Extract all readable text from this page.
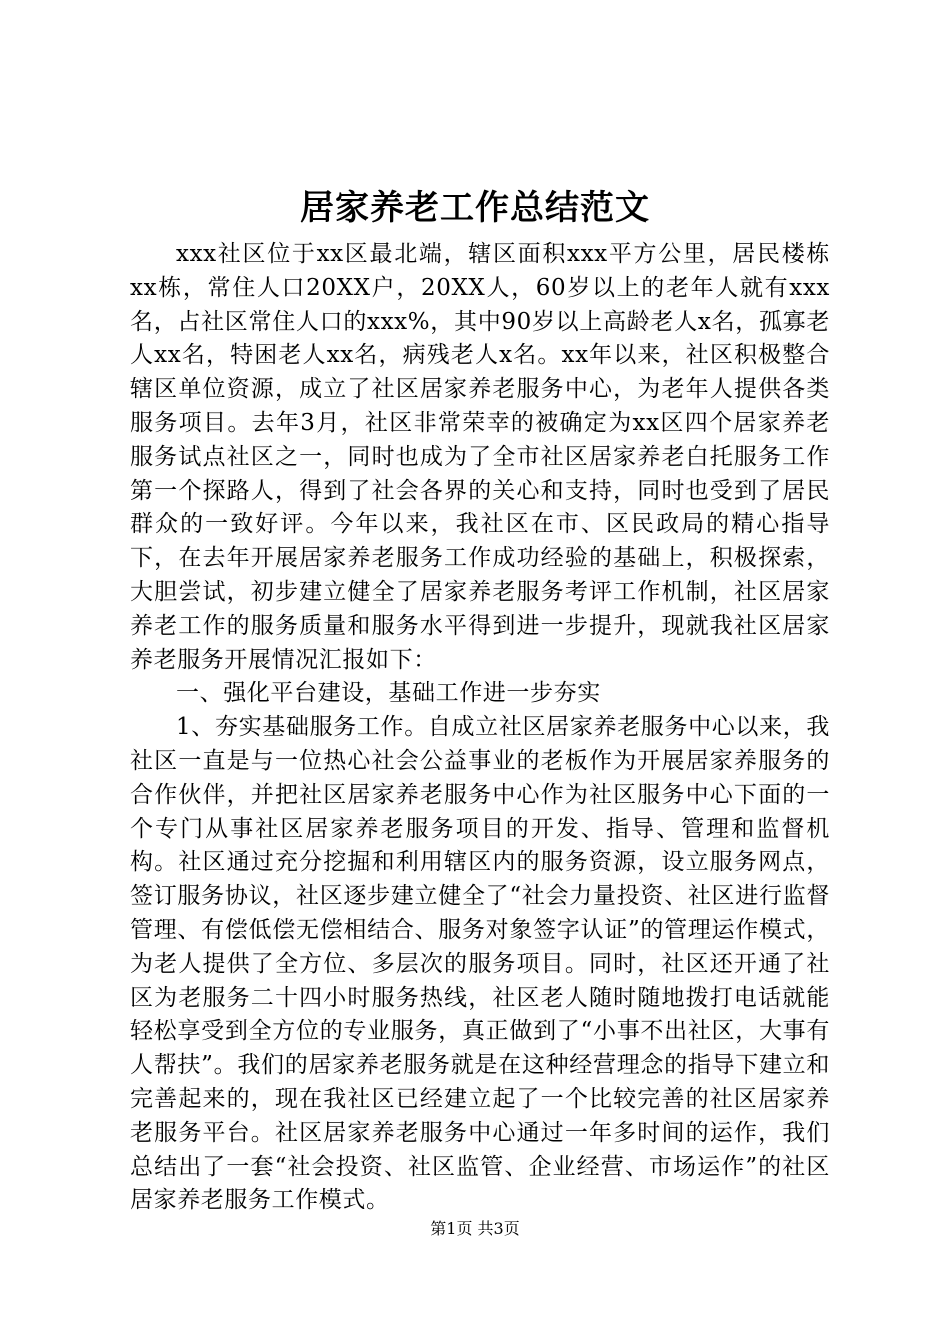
居家养老工作总结范文

xxx社区位于xx区最北端，辖区面积xxx平方公里，居民楼栋xx栋，常住人口20XX户，20XX人，60岁以上的老年人就有xxx名，占社区常住人口的xxx%，其中90岁以上高龄老人x名，孤寡老人xx名，特困老人xx名，病残老人x名。xx年以来，社区积极整合辖区单位资源，成立了社区居家养老服务中心，为老年人提供各类服务项目。去年3月，社区非常荣幸的被确定为xx区四个居家养老服务试点社区之一，同时也成为了全市社区居家养老白托服务工作第一个探路人，得到了社会各界的关心和支持，同时也受到了居民群众的一致好评。今年以来，我社区在市、区民政局的精心指导下，在去年开展居家养老服务工作成功经验的基础上，积极探索，大胆尝试，初步建立健全了居家养老服务考评工作机制，社区居家养老工作的服务质量和服务水平得到进一步提升，现就我社区居家养老服务开展情况汇报如下：

一、强化平台建设，基础工作进一步夯实

1、夯实基础服务工作。自成立社区居家养老服务中心以来，我社区一直是与一位热心社会公益事业的老板作为开展居家养服务的合作伙伴，并把社区居家养老服务中心作为社区服务中心下面的一个专门从事社区居家养老服务项目的开发、指导、管理和监督机构。社区通过充分挖掘和利用辖区内的服务资源，设立服务网点，签订服务协议，社区逐步建立健全了“社会力量投资、社区进行监督管理、有偿低偿无偿相结合、服务对象签字认证”的管理运作模式，为老人提供了全方位、多层次的服务项目。同时，社区还开通了社区为老服务二十四小时服务热线，社区老人随时随地拨打电话就能轻松享受到全方位的专业服务，真正做到了“小事不出社区，大事有人帮扶”。我们的居家养老服务就是在这种经营理念的指导下建立和完善起来的，现在我社区已经建立起了一个比较完善的社区居家养老服务平台。社区居家养老服务中心通过一年多时间的运作，我们总结出了一套“社会投资、社区监管、企业经营、市场运作”的社区居家养老服务工作模式。

第1页 共3页
